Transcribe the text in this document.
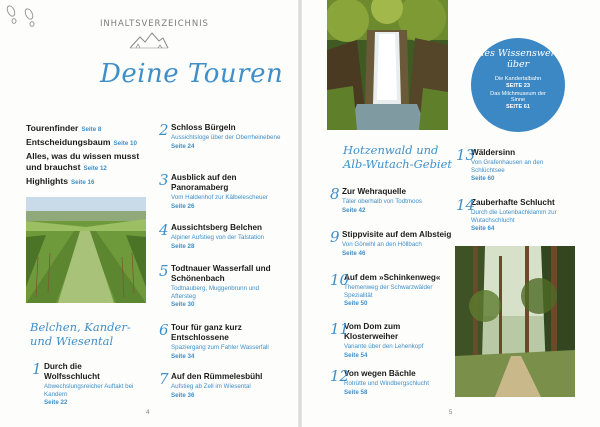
INHALTSVERZEICHNIS
Deine Touren
Tourenfinder Seite 8
Entscheidungsbaum Seite 10
Alles, was du wissen musst und brauchst Seite 12
Highlights Seite 16
Belchen, Kander- und Wiesental
1 Durch die Wolfsschlucht
Abwechslungsreicher Auftakt bei Kandern
Seite 22
2 Schloss Bürgeln
Aussichtsloge über der Oberrheinebene
Seite 24
3 Ausblick auf den Panoramaberg
Vom Haldenhof zur Kälbelescheuer
Seite 26
4 Aussichtsberg Belchen
Alpiner Aufstieg von der Talstation
Seite 28
5 Todtnauer Wasserfall und Schönenbach
Todtnauberg, Muggenbrunn und Aftersteg
Seite 30
6 Tour für ganz kurz Entschlossene
Spaziergang zum Fahler Wasserfall
Seite 34
7 Auf den Rümmelesbühl
Aufstieg ab Zell im Wiesental
Seite 36
4
Alles Wissenswerte über
Die Kandertalbahn
SEITE 23
Das Milchmuseum der Sinne
SEITE 61
Hotzenwald und Alb-Wutach-Gebiet
8 Zur Wehraquelle
Täler oberhalb von Todtmoos
Seite 42
9 Stippvisite auf dem Albsteig
Von Görwihl an den Höllbach
Seite 46
10
Auf dem »Schinkenweg«
Themenweg der Schwarzwälder Spezialität
Seite 50
11
Vom Dom zum Klosterweiher
Variante über den Lehenkopf
Seite 54
12
Von wegen Bächle
Rotrütte und Windbergschlucht
Seite 58
13
Wäldersinn
Von Grafenhausen an den Schlüchtsee
Seite 60
14
Zauberhafte Schlucht
Durch die Lotenbachklamm zur Wutachschlucht
Seite 64
5
